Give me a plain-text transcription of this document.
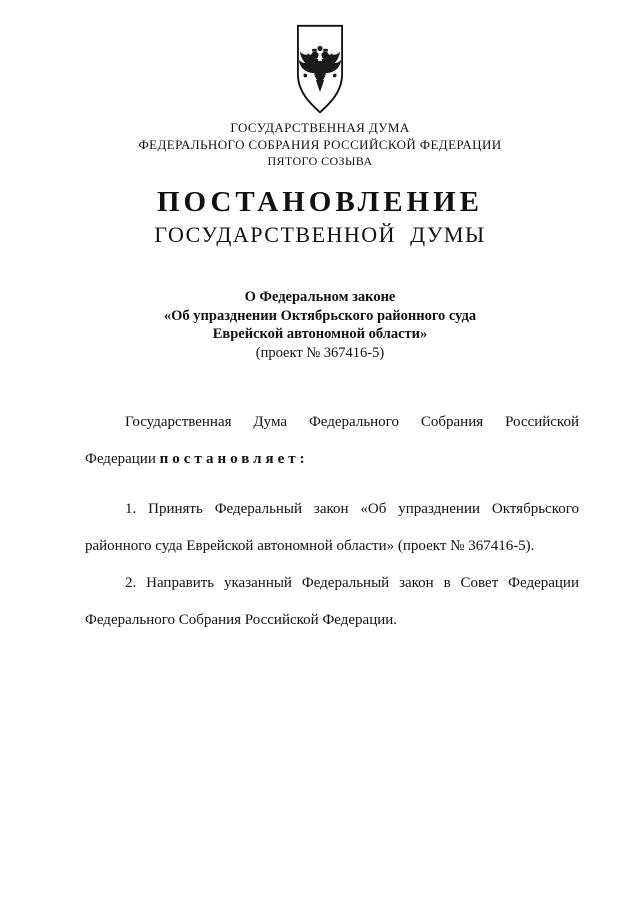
ГОСУДАРСТВЕННАЯ ДУМА
ФЕДЕРАЛЬНОГО СОБРАНИЯ РОССИЙСКОЙ ФЕДЕРАЦИИ
ПЯТОГО СОЗЫВА
ПОСТАНОВЛЕНИЕ
ГОСУДАРСТВЕННОЙ  ДУМЫ
О Федеральном законе
«Об упразднении Октябрьского районного суда
Еврейской автономной области»
(проект № 367416-5)

Государственная Дума Федерального Собрания Российской Федерации постановляет:

1. Принять Федеральный закон «Об упразднении Октябрьского районного суда Еврейской автономной области» (проект № 367416-5).

2. Направить указанный Федеральный закон в Совет Федерации Федерального Собрания Российской Федерации.
